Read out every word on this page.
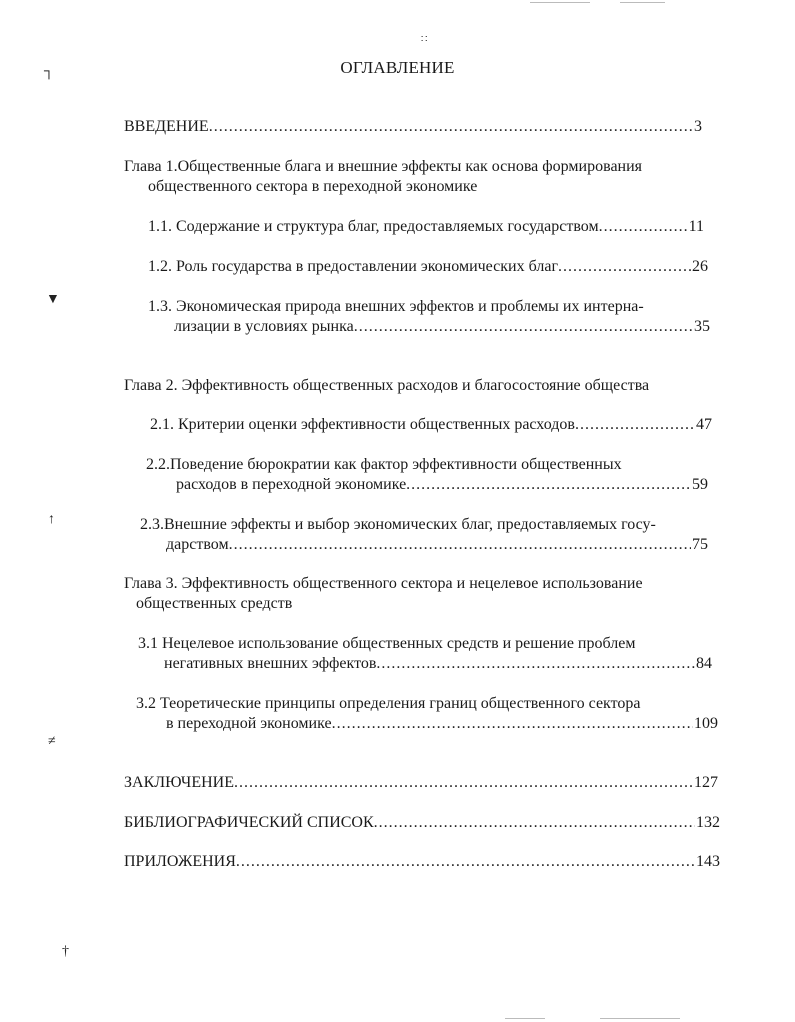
┐
▼
↑
≠
†
∷
ОГЛАВЛЕНИЕ
ВВЕДЕНИЕ .....	3
Глава 1.Общественные блага и внешние эффекты как основа формирования
общественного сектора в переходной экономике
1.1. Содержание и структура благ, предоставляемых государством .....	11
1.2. Роль государства в предоставлении экономических благ .....	26
1.3. Экономическая природа внешних эффектов и проблемы их интерна-
лизации в условиях рынка .....	35
Глава 2. Эффективность общественных расходов и благосостояние общества
2.1. Критерии оценки эффективности общественных расходов .....	47
2.2.Поведение бюрократии как фактор эффективности общественных
расходов в переходной экономике .....	59
2.3.Внешние эффекты и выбор экономических благ, предоставляемых госу-
дарством .....	75
Глава 3. Эффективность общественного сектора и нецелевое использование
общественных средств
3.1 Нецелевое использование общественных средств и решение проблем
негативных внешних эффектов .....	84
3.2 Теоретические принципы определения границ общественного сектора
в переходной экономике .....	109
ЗАКЛЮЧЕНИЕ .....	127
БИБЛИОГРАФИЧЕСКИЙ СПИСОК .....	132
ПРИЛОЖЕНИЯ .....	143
